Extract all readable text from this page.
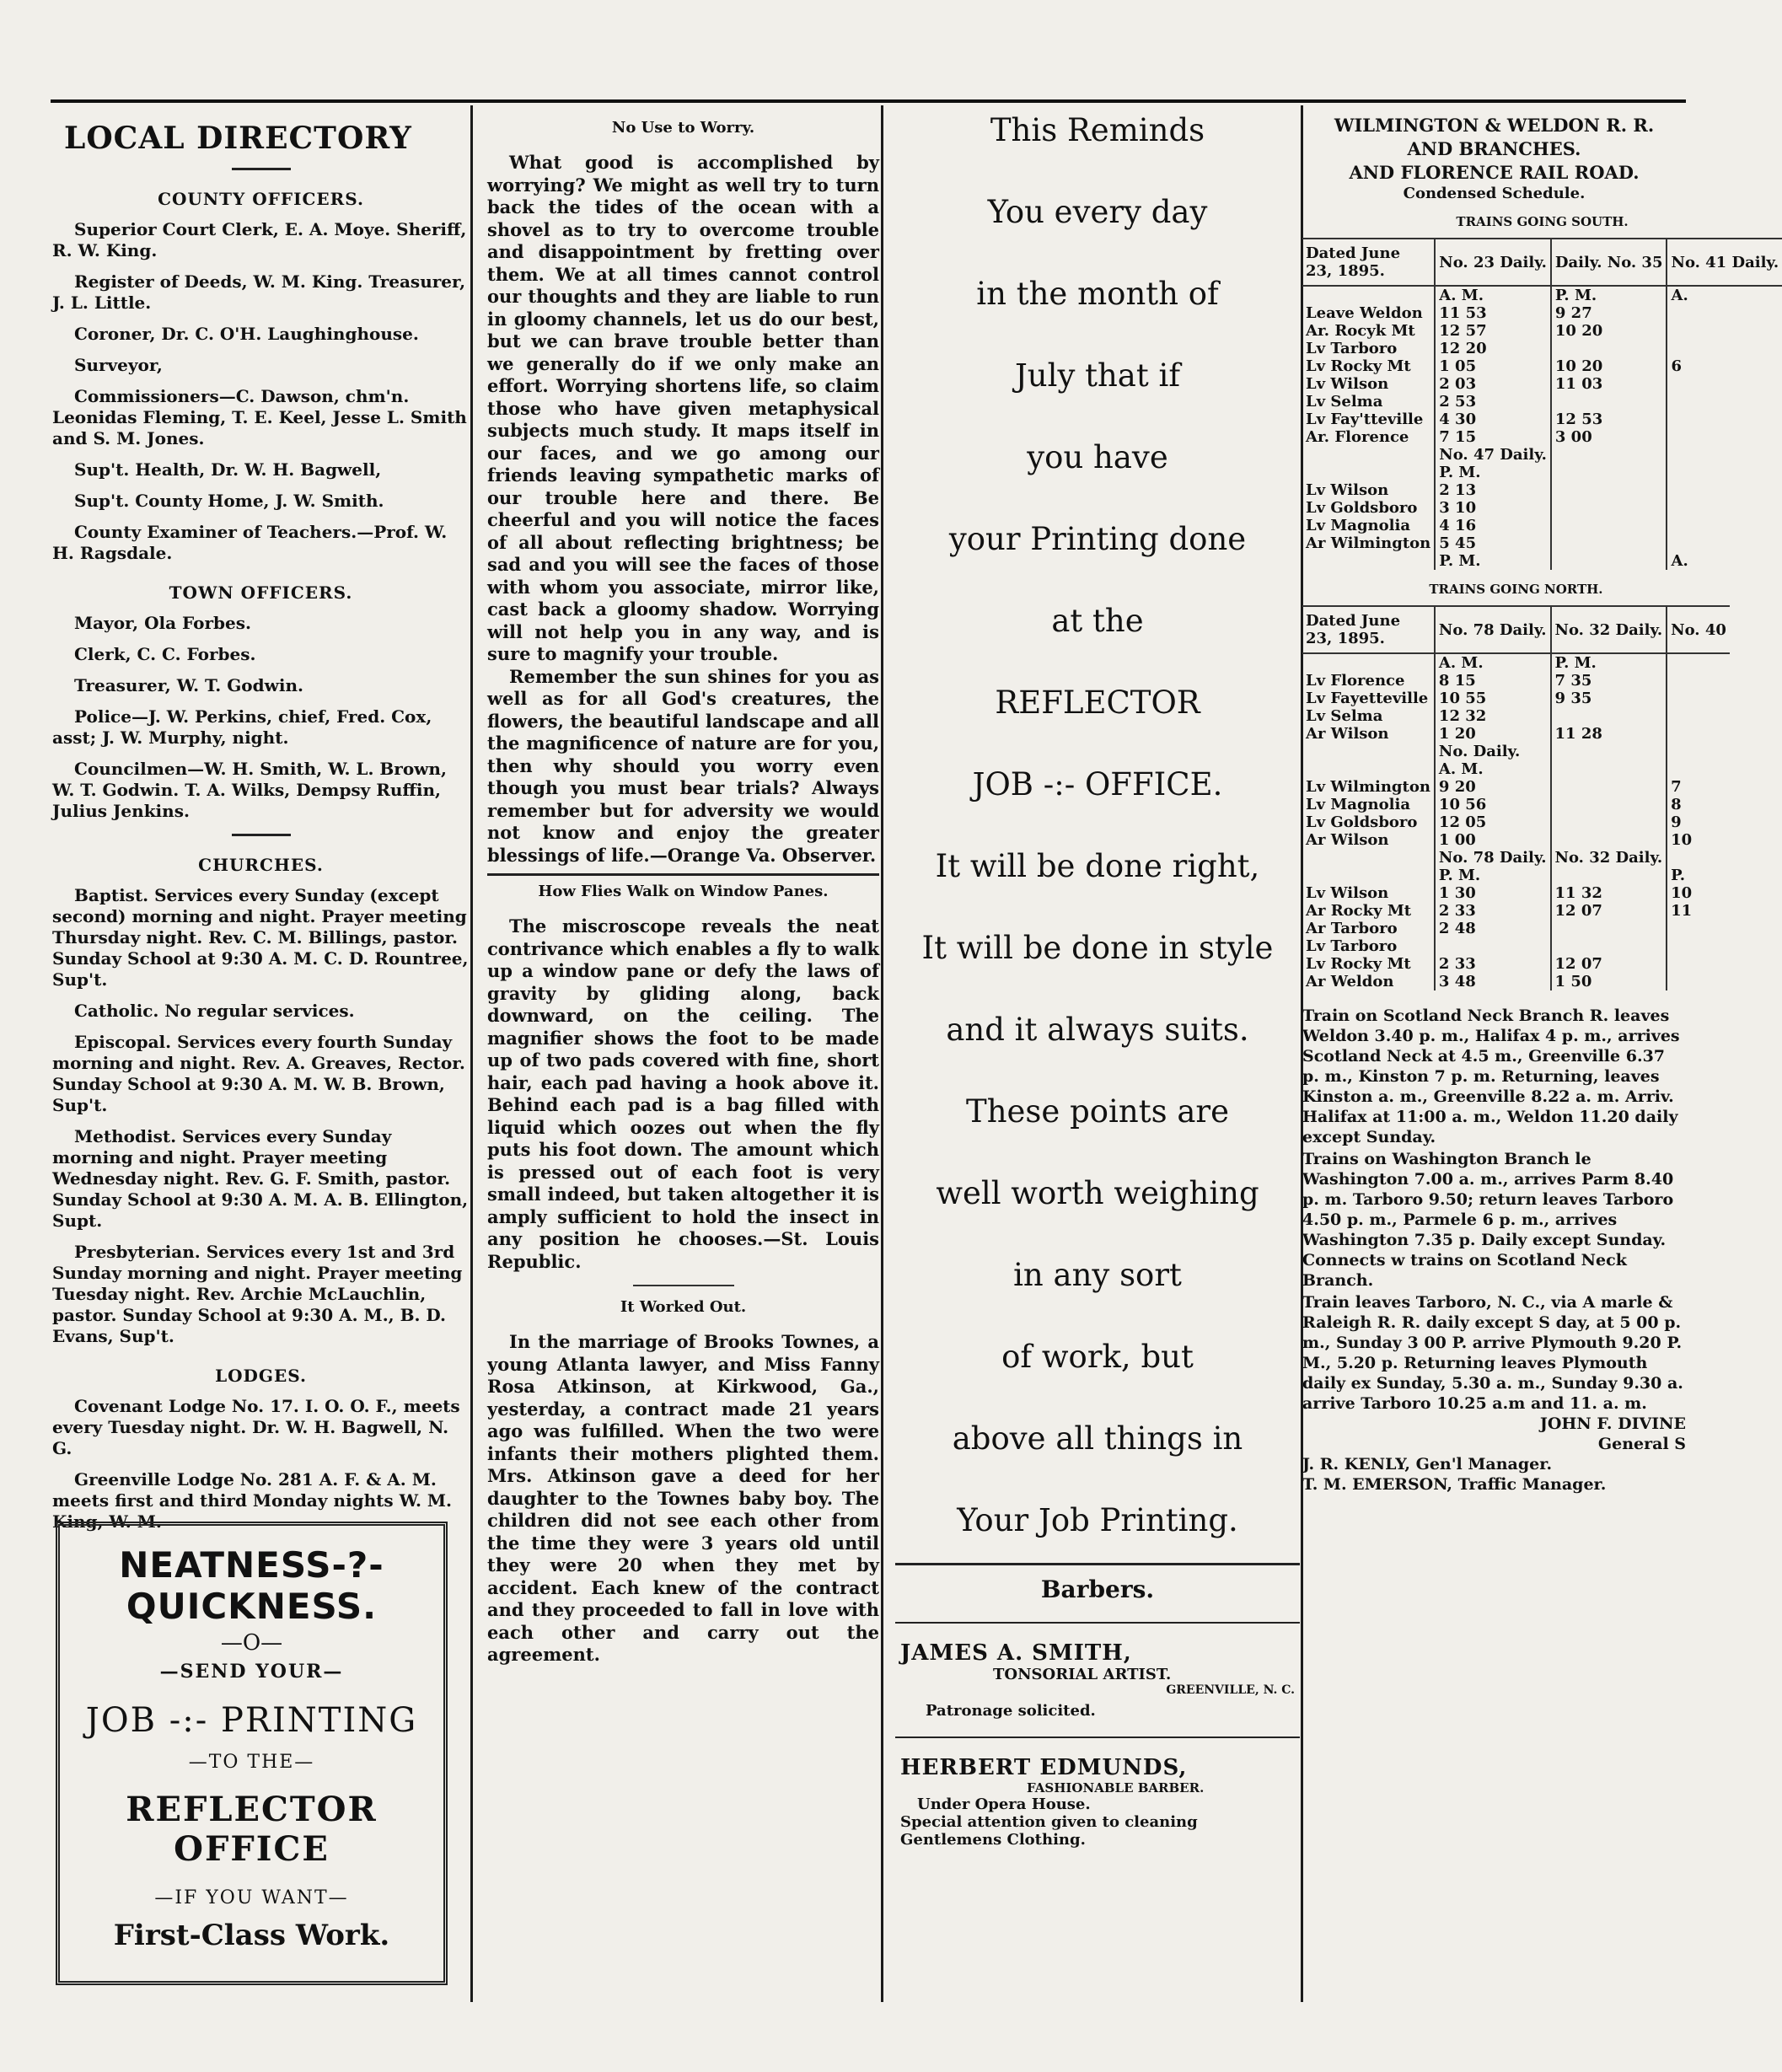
LOCAL DIRECTORY
COUNTY OFFICERS.
Superior Court Clerk, E. A. Moye. Sheriff, R. W. King.
Register of Deeds, W. M. King. Treasurer, J. L. Little.
Coroner, Dr. C. O'H. Laughinghouse.
Surveyor,
Commissioners—C. Dawson, chm'n. Leonidas Fleming, T. E. Keel, Jesse L. Smith and S. M. Jones.
Sup't. Health, Dr. W. H. Bagwell,
Sup't. County Home, J. W. Smith.
County Examiner of Teachers.—Prof. W. H. Ragsdale.
TOWN OFFICERS.
Mayor, Ola Forbes.
Clerk, C. C. Forbes.
Treasurer, W. T. Godwin.
Police—J. W. Perkins, chief, Fred. Cox, asst; J. W. Murphy, night.
Councilmen—W. H. Smith, W. L. Brown, W. T. Godwin. T. A. Wilks, Dempsy Ruffin, Julius Jenkins.
CHURCHES.
Baptist. Services every Sunday (except second) morning and night. Prayer meeting Thursday night. Rev. C. M. Billings, pastor. Sunday School at 9:30 A. M. C. D. Rountree, Sup't.
Catholic. No regular services.
Episcopal. Services every fourth Sunday morning and night. Rev. A. Greaves, Rector. Sunday School at 9:30 A. M. W. B. Brown, Sup't.
Methodist. Services every Sunday morning and night. Prayer meeting Wednesday night. Rev. G. F. Smith, pastor. Sunday School at 9:30 A. M. A. B. Ellington, Supt.
Presbyterian. Services every 1st and 3rd Sunday morning and night. Prayer meeting Tuesday night. Rev. Archie McLauchlin, pastor. Sunday School at 9:30 A. M., B. D. Evans, Sup't.
LODGES.
Covenant Lodge No. 17. I. O. O. F., meets every Tuesday night. Dr. W. H. Bagwell, N. G.
Greenville Lodge No. 281 A. F. & A. M. meets first and third Monday nights W. M. King, W. M.
NEATNESS-?-QUICKNESS.
—O—
—SEND YOUR—
JOB -:- PRINTING
—TO THE—
REFLECTOR OFFICE
—IF YOU WANT—
First-Class Work.
No Use to Worry.

What good is accomplished by worrying? We might as well try to turn back the tides of the ocean with a shovel as to try to overcome trouble and disappointment by fretting over them. We at all times cannot control our thoughts and they are liable to run in gloomy channels, let us do our best, but we can brave trouble better than we generally do if we only make an effort. Worrying shortens life, so claim those who have given metaphysical subjects much study. It maps itself in our faces, and we go among our friends leaving sympathetic marks of our trouble here and there. Be cheerful and you will notice the faces of all about reflecting brightness; be sad and you will see the faces of those with whom you associate, mirror like, cast back a gloomy shadow. Worrying will not help you in any way, and is sure to magnify your trouble.

Remember the sun shines for you as well as for all God's creatures, the flowers, the beautiful landscape and all the magnificence of nature are for you, then why should you worry even though you must bear trials? Always remember but for adversity we would not know and enjoy the greater blessings of life.—Orange Va. Observer.

How Flies Walk on Window Panes.

The miscroscope reveals the neat contrivance which enables a fly to walk up a window pane or defy the laws of gravity by gliding along, back downward, on the ceiling. The magnifier shows the foot to be made up of two pads covered with fine, short hair, each pad having a hook above it. Behind each pad is a bag filled with liquid which oozes out when the fly puts his foot down. The amount which is pressed out of each foot is very small indeed, but taken altogether it is amply sufficient to hold the insect in any position he chooses.—St. Louis Republic.

It Worked Out.

In the marriage of Brooks Townes, a young Atlanta lawyer, and Miss Fanny Rosa Atkinson, at Kirkwood, Ga., yesterday, a contract made 21 years ago was fulfilled. When the two were infants their mothers plighted them. Mrs. Atkinson gave a deed for her daughter to the Townes baby boy. The children did not see each other from the time they were 3 years old until they were 20 when they met by accident. Each knew of the contract and they proceeded to fall in love with each other and carry out the agreement.

This Reminds
You every day
in the month of
July that if
you have
your Printing done
at the
REFLECTOR
JOB -:- OFFICE.
It will be done right,
It will be done in style
and it always suits.
These points are
well worth weighing
in any sort
of work, but
above all things in
Your Job Printing.
Barbers.
JAMES A. SMITH,
TONSORIAL ARTIST.
GREENVILLE, N. C.
Patronage solicited.
HERBERT EDMUNDS,
FASHIONABLE BARBER.
Under Opera House.
Special attention given to cleaning Gentlemens Clothing.
WILMINGTON & WELDON R. R.
AND BRANCHES.
AND FLORENCE RAIL ROAD.
Condensed Schedule.
TRAINS GOING SOUTH.			
Dated June 23, 1895.	No. 23 Daily.	Daily. No. 35	No. 41 Daily.
	A. M.	P. M.	A.
Leave Weldon	11 53	9 27	
Ar. Rocyk Mt	12 57	10 20	
Lv Tarboro	12 20		
Lv Rocky Mt	1 05	10 20	6
Lv Wilson	2 03	11 03	
Lv Selma	2 53		
Lv Fay'tteville	4 30	12 53	
Ar. Florence	7 15	3 00	
	No. 47 Daily.		
	P. M.		
Lv Wilson	2 13		
Lv Goldsboro	3 10		
Lv Magnolia	4 16		
Ar Wilmington	5 45		
	P. M.		A.
TRAINS GOING NORTH.			
Dated June 23, 1895.	No. 78 Daily.	No. 32 Daily.	No. 40
	A. M.	P. M.	
Lv Florence	8 15	7 35	
Lv Fayetteville	10 55	9 35	
Lv Selma	12 32		
Ar Wilson	1 20	11 28	
	No. Daily.		
	A. M.		
Lv Wilmington	9 20		7
Lv Magnolia	10 56		8
Lv Goldsboro	12 05		9
Ar Wilson	1 00		10
	No. 78 Daily.	No. 32 Daily.	
	P. M.		P.
Lv Wilson	1 30	11 32	10
Ar Rocky Mt	2 33	12 07	11
Ar Tarboro	2 48		
Lv Tarboro			
Lv Rocky Mt	2 33	12 07	
Ar Weldon	3 48	1 50	
Train on Scotland Neck Branch R. leaves Weldon 3.40 p. m., Halifax 4 p. m., arrives Scotland Neck at 4.5 m., Greenville 6.37 p. m., Kinston 7 p. m. Returning, leaves Kinston a. m., Greenville 8.22 a. m. Arriv. Halifax at 11:00 a. m., Weldon 11.20 daily except Sunday.
Trains on Washington Branch le Washington 7.00 a. m., arrives Parm 8.40 p. m. Tarboro 9.50; return leaves Tarboro 4.50 p. m., Parmele 6 p. m., arrives Washington 7.35 p. Daily except Sunday. Connects w trains on Scotland Neck Branch.
Train leaves Tarboro, N. C., via A marle & Raleigh R. R. daily except S day, at 5 00 p. m., Sunday 3 00 P. arrive Plymouth 9.20 P. M., 5.20 p. Returning leaves Plymouth daily ex Sunday, 5.30 a. m., Sunday 9.30 a. arrive Tarboro 10.25 a.m and 11. a. m.
JOHN F. DIVINE
General S
J. R. KENLY, Gen'l Manager.
T. M. EMERSON, Traffic Manager.
